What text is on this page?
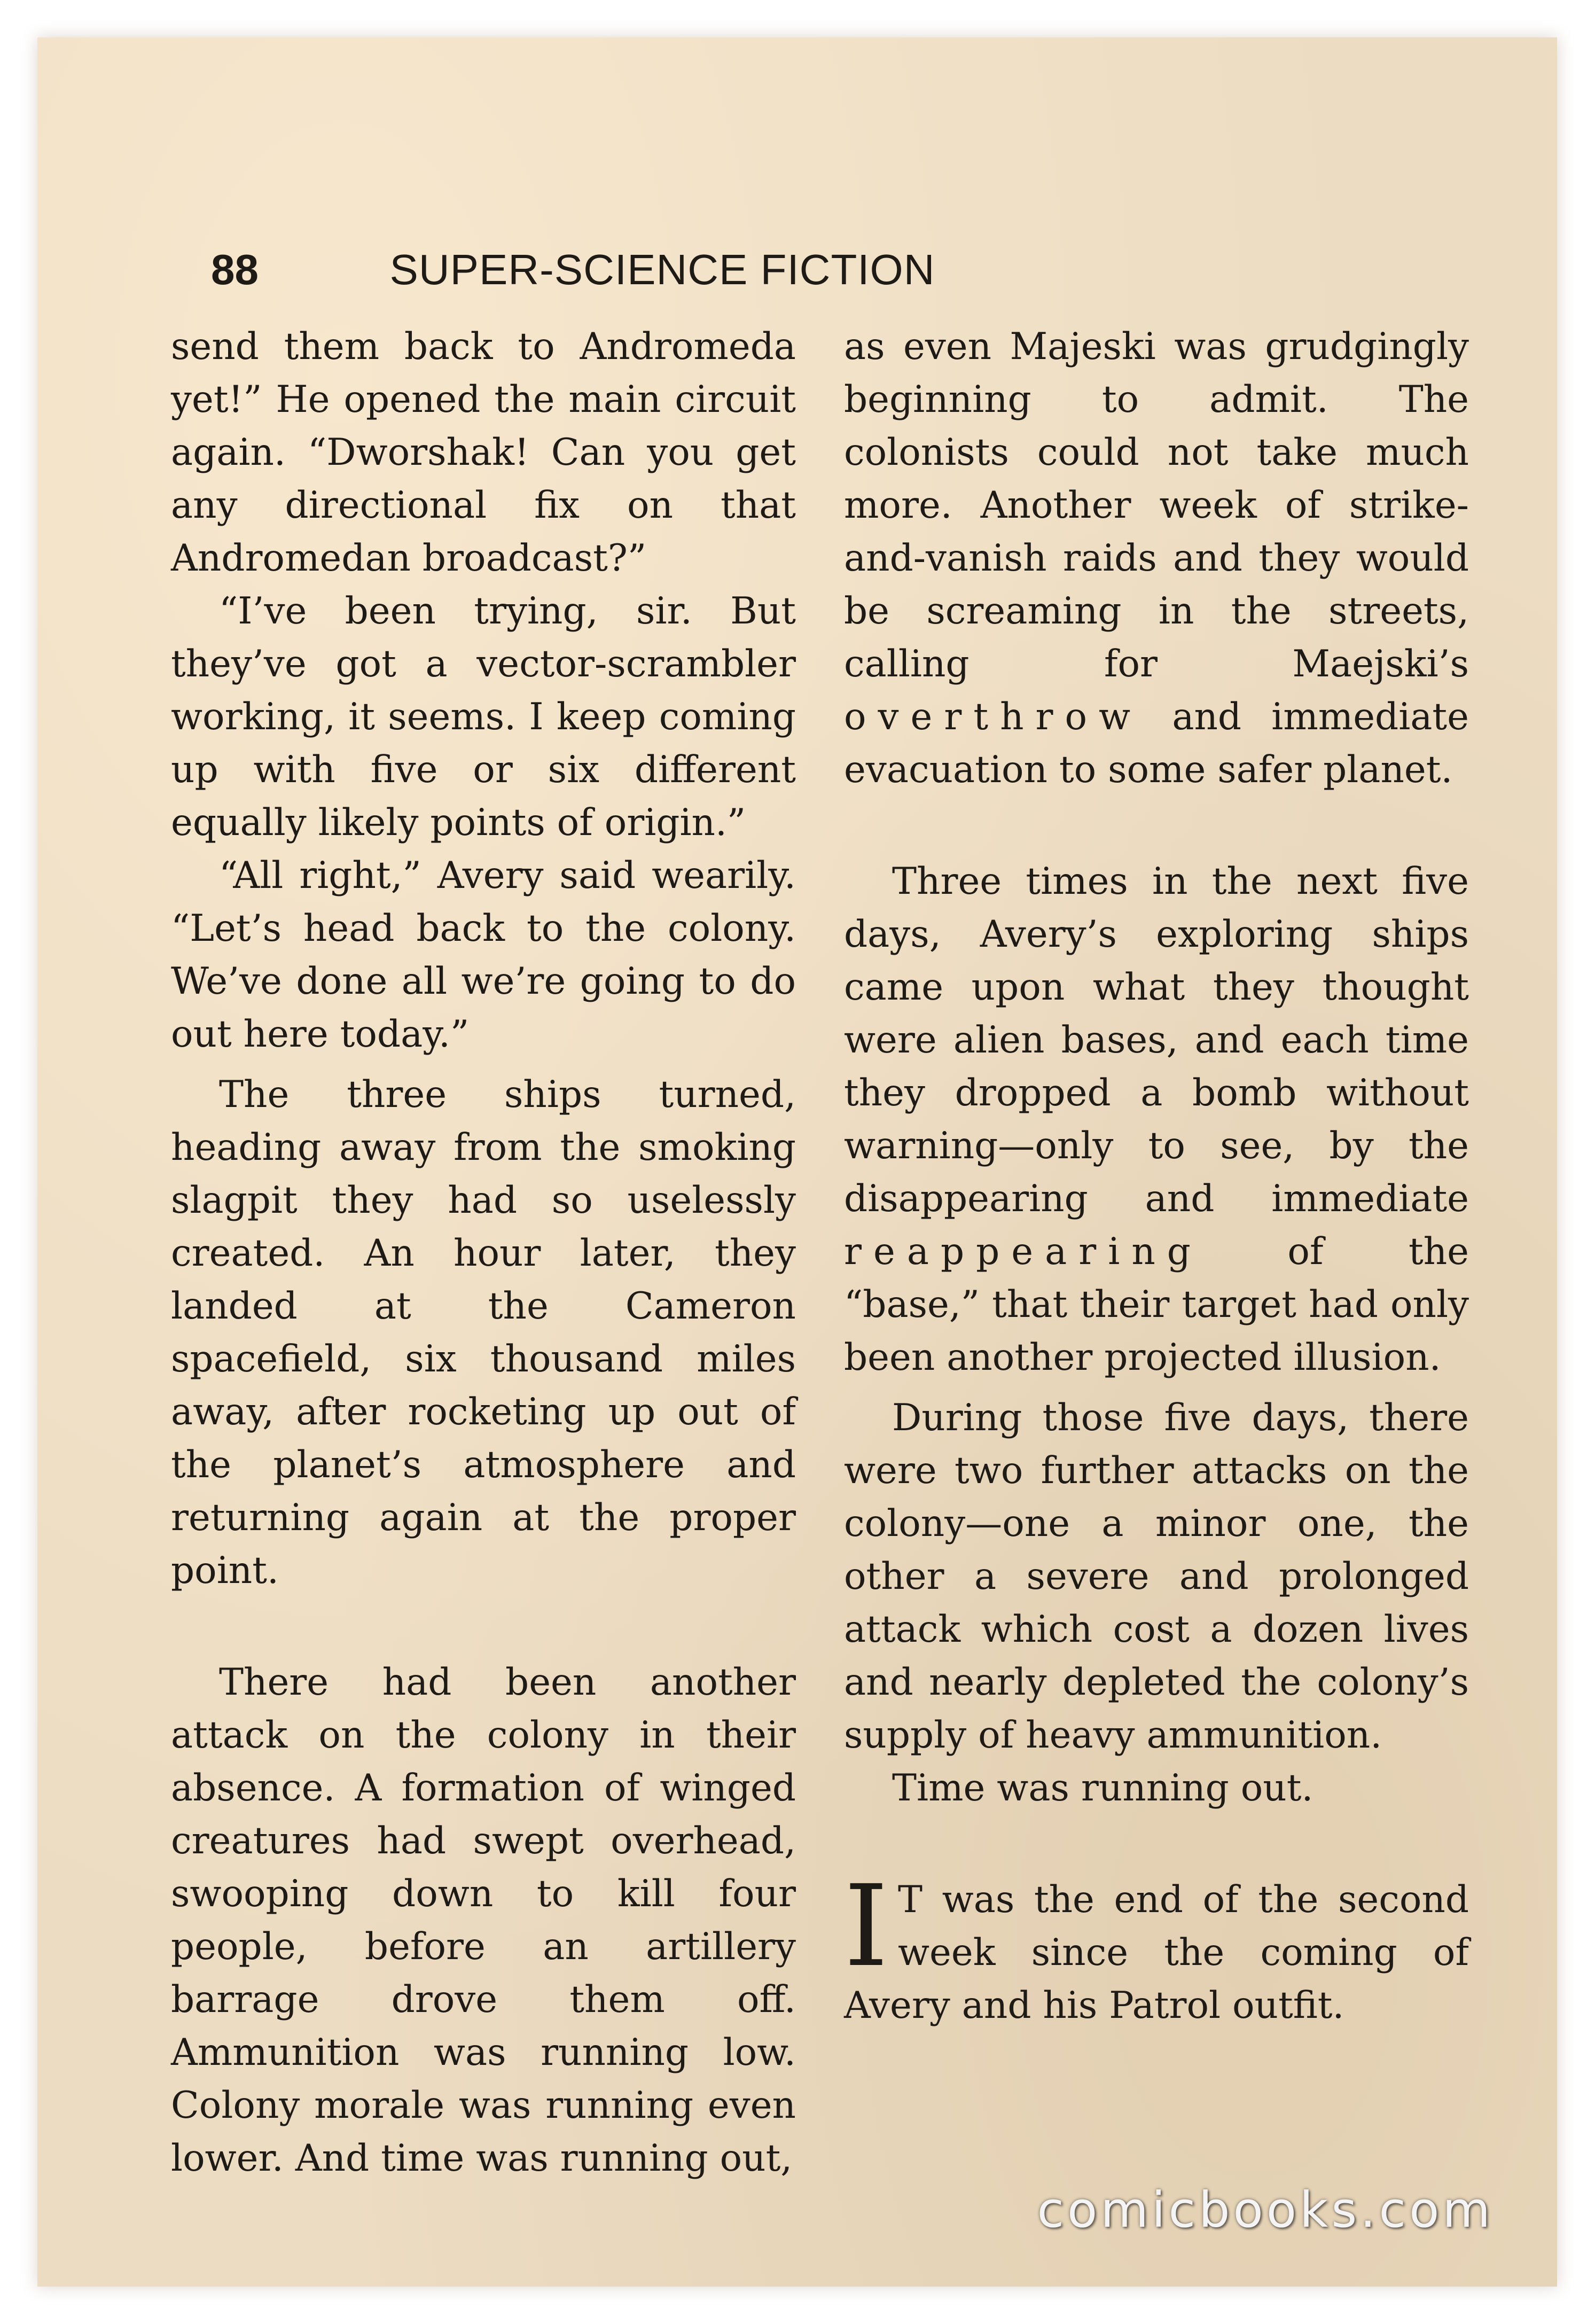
88	SUPER-SCIENCE FICTION

send them back to Andromeda yet!” He opened the main circuit again. “Dworshak! Can you get any directional fix on that Andromedan broadcast?”

“I’ve been trying, sir. But they’ve got a vector-scrambler working, it seems. I keep coming up with five or six different equally likely points of origin.”

“All right,” Avery said wearily. “Let’s head back to the colony. We’ve done all we’re going to do out here today.”

The three ships turned, heading away from the smoking slagpit they had so uselessly created. An hour later, they landed at the Cameron spacefield, six thousand miles away, after rocketing up out of the planet’s atmosphere and returning again at the proper point.

There had been another attack on the colony in their absence. A formation of winged creatures had swept overhead, swooping down to kill four people, before an artillery barrage drove them off. Ammunition was running low. Colony morale was running even lower. And time was running out,

as even Majeski was grudgingly beginning to admit. The colonists could not take much more. Another week of strike-and-vanish raids and they would be screaming in the streets, calling for Maejski’s overthrow and immediate evacuation to some safer planet.

Three times in the next five days, Avery’s exploring ships came upon what they thought were alien bases, and each time they dropped a bomb without warning—only to see, by the disappearing and immediate reappearing of the “base,” that their target had only been another projected illusion.

During those five days, there were two further attacks on the colony—one a minor one, the other a severe and prolonged attack which cost a dozen lives and nearly depleted the colony’s supply of heavy ammunition.

Time was running out.

I T was the end of the second week since the coming of Avery and his Patrol outfit.

comicbooks.com
